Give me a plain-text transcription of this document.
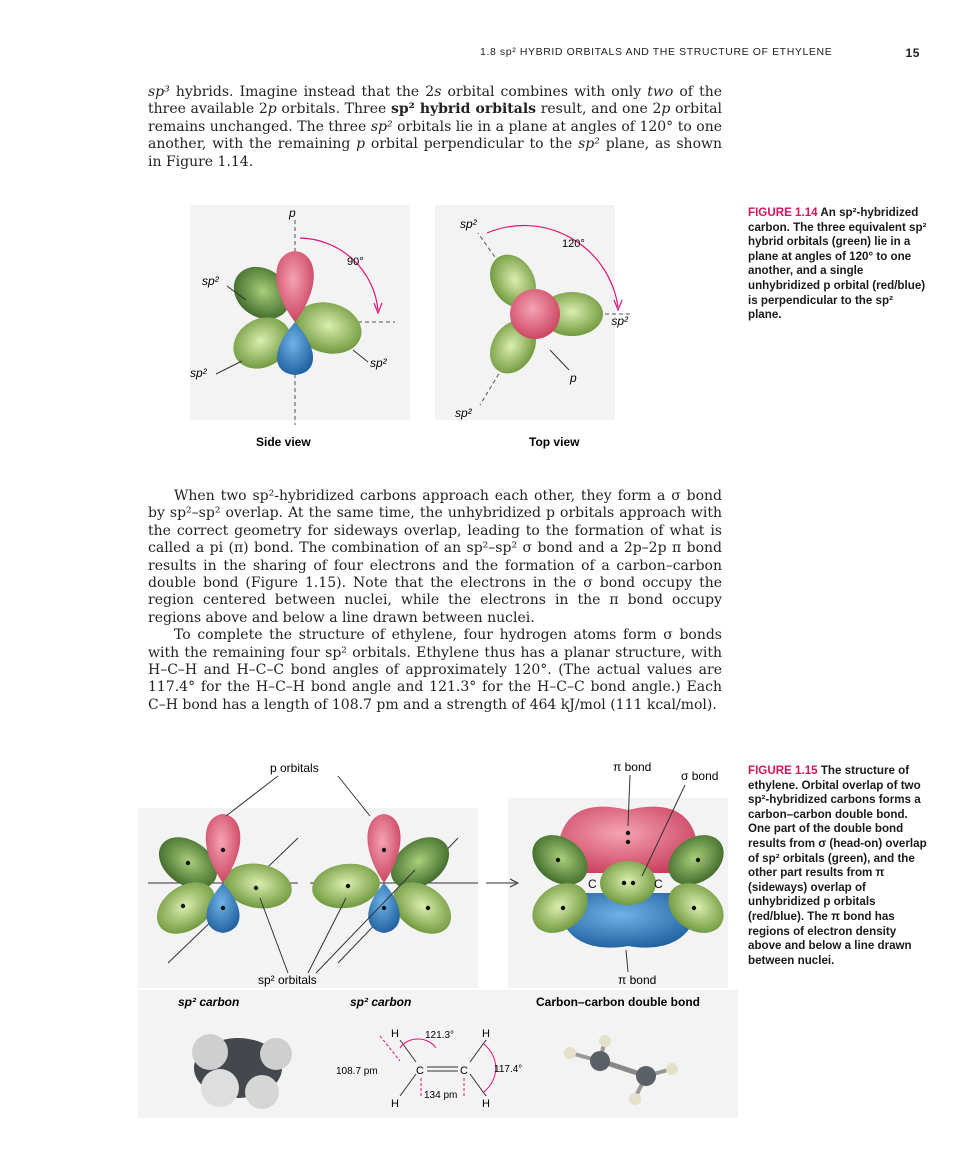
1.8 sp² HYBRID ORBITALS AND THE STRUCTURE OF ETHYLENE	15

sp³ hybrids. Imagine instead that the 2s orbital combines with only two of the three available 2p orbitals. Three sp² hybrid orbitals result, and one 2p orbital remains unchanged. The three sp² orbitals lie in a plane at angles of 120° to one another, with the remaining p orbital perpendicular to the sp² plane, as shown in Figure 1.14.

90°
p
sp²
sp²
sp²
Side view
120°
sp²
sp²
sp²
p
Top view
FIGURE 1.14 An sp²-hybridized carbon. The three equivalent sp² hybrid orbitals (green) lie in a plane at angles of 120° to one another, and a single unhybridized p orbital (red/blue) is perpendicular to the sp² plane.

When two sp²-hybridized carbons approach each other, they form a σ bond by sp²–sp² overlap. At the same time, the unhybridized p orbitals approach with the correct geometry for sideways overlap, leading to the formation of what is called a pi (π) bond. The combination of an sp²–sp² σ bond and a 2p–2p π bond results in the sharing of four electrons and the formation of a carbon–carbon double bond (Figure 1.15). Note that the electrons in the σ bond occupy the region centered between nuclei, while the electrons in the π bond occupy regions above and below a line drawn between nuclei.

To complete the structure of ethylene, four hydrogen atoms form σ bonds with the remaining four sp² orbitals. Ethylene thus has a planar structure, with H–C–H and H–C–C bond angles of approximately 120°. (The actual values are 117.4° for the H–C–H bond angle and 121.3° for the H–C–C bond angle.) Each C–H bond has a length of 108.7 pm and a strength of 464 kJ/mol (111 kcal/mol).

C	C
p orbitals
sp² orbitals
π bond
σ bond
π bond
sp² carbon	sp² carbon	Carbon–carbon double bond
H	H
H	H
C	C
121.3°
117.4°
108.7 pm
134 pm
FIGURE 1.15 The structure of ethylene. Orbital overlap of two sp²-hybridized carbons forms a carbon–carbon double bond. One part of the double bond results from σ (head-on) overlap of sp² orbitals (green), and the other part results from π (sideways) overlap of unhybridized p orbitals (red/blue). The π bond has regions of electron density above and below a line drawn between nuclei.
